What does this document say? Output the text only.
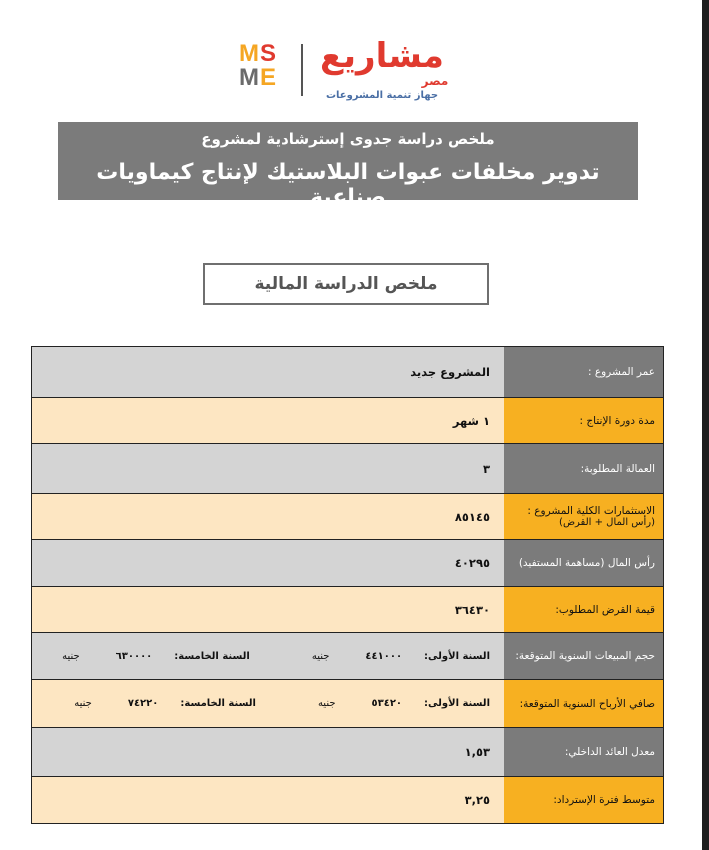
MS
ME
مشاريع
مصر
جهاز تنمية المشروعات
ملخص دراسة جدوى إسترشادية لمشروع
تدوير مخلفات عبوات البلاستيك لإنتاج كيماويات صناعية
ملخص الدراسة المالية
عمر المشروع :
المشروع جديد
مدة دورة الإنتاج :
١ شهر
العمالة المطلوبة:
٣
الاستثمارات الكلية المشروع :
(رأس المال + القرض)
٨٥١٤٥
رأس المال (مساهمة المستفيد)
٤٠٢٩٥
قيمة القرض المطلوب:
٣٦٤٣٠
حجم المبيعات السنوية المتوقعة:
السنة الأولى:
٤٤١٠٠٠
جنيه
السنة الخامسة:
٦٣٠٠٠٠
جنيه
صافي الأرباح السنوية المتوقعة:
السنة الأولى:
٥٣٤٢٠
جنيه
السنة الخامسة:
٧٤٢٢٠
جنيه
معدل العائد الداخلي:
١,٥٣
متوسط فترة الإسترداد:
٣,٢٥
